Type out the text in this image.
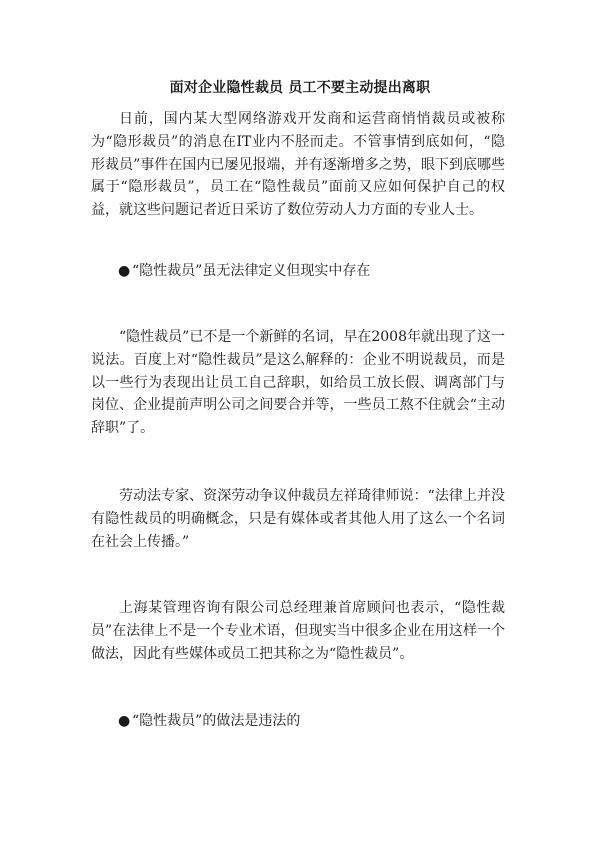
面对企业隐性裁员 员工不要主动提出离职

日前，国内某大型网络游戏开发商和运营商悄悄裁员或被称为“隐形裁员”的消息在IT业内不胫而走。不管事情到底如何，“隐形裁员”事件在国内已屡见报端，并有逐渐增多之势，眼下到底哪些属于“隐形裁员”，员工在“隐性裁员”面前又应如何保护自己的权益，就这些问题记者近日采访了数位劳动人力方面的专业人士。

● “隐性裁员”虽无法律定义但现实中存在

“隐性裁员”已不是一个新鲜的名词，早在2008年就出现了这一说法。百度上对“隐性裁员”是这么解释的：企业不明说裁员，而是以一些行为表现出让员工自己辞职，如给员工放长假、调离部门与岗位、企业提前声明公司之间要合并等，一些员工熬不住就会“主动辞职”了。

劳动法专家、资深劳动争议仲裁员左祥琦律师说：“法律上并没有隐性裁员的明确概念，只是有媒体或者其他人用了这么一个名词在社会上传播。”

上海某管理咨询有限公司总经理兼首席顾问也表示，“隐性裁员”在法律上不是一个专业术语，但现实当中很多企业在用这样一个做法，因此有些媒体或员工把其称之为“隐性裁员”。

● “隐性裁员”的做法是违法的
